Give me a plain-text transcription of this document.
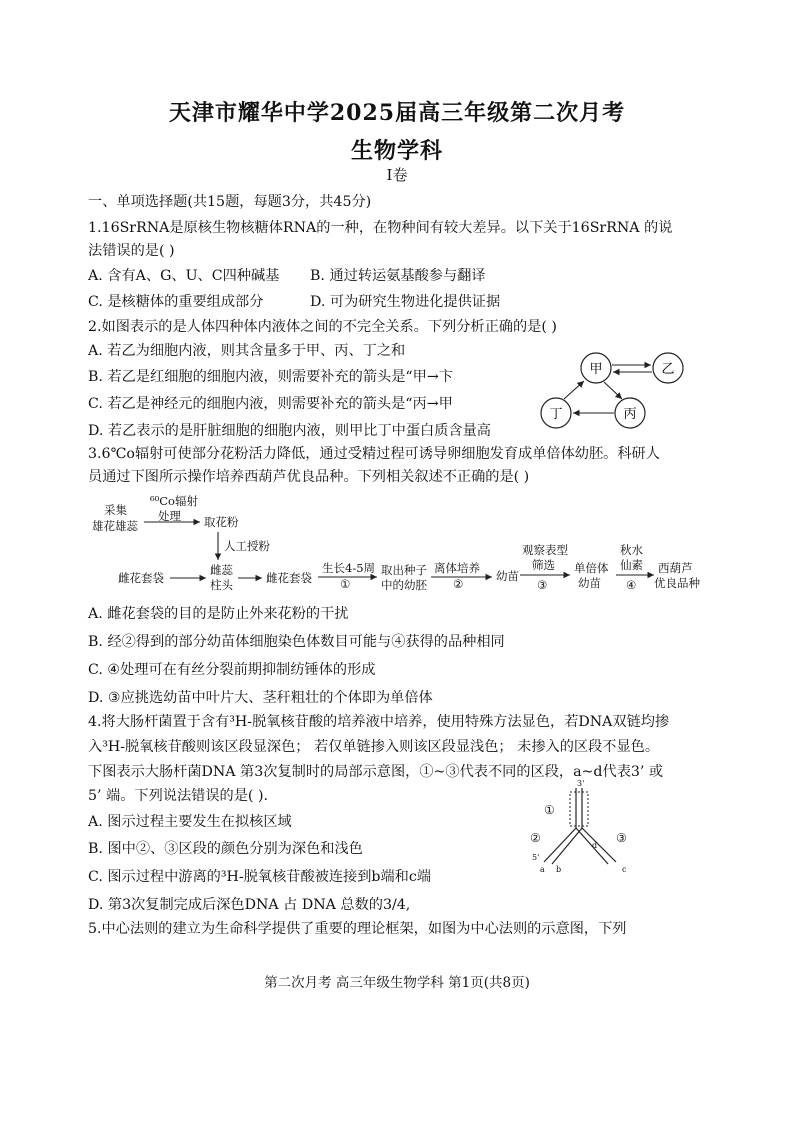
天津市耀华中学2025届高三年级第二次月考
生物学科
Ⅰ卷
一、单项选择题(共15题，每题3分，共45分)
1.16SrRNA是原核生物核糖体RNA的一种，在物种间有较大差异。以下关于16SrRNA 的说
法错误的是( )
A. 含有A、G、U、C四种碱基 B. 通过转运氨基酸参与翻译
C. 是核糖体的重要组成部分	D. 可为研究生物进化提供证据
2.如图表示的是人体四种体内液体之间的不完全关系。下列分析正确的是( )
A. 若乙为细胞内液，则其含量多于甲、丙、丁之和
B. 若乙是红细胞的细胞内液，则需要补充的箭头是“甲→卞
C. 若乙是神经元的细胞内液，则需要补充的箭头是“丙→甲
D. 若乙表示的是肝脏细胞的细胞内液，则甲比丁中蛋白质含量高
甲	乙
丁	丙
3.6℃o辐射可使部分花粉活力降低，通过受精过程可诱导卵细胞发育成单倍体幼胚。科研人
员通过下图所示操作培养西葫芦优良品种。下列相关叙述不正确的是( )
采集
雄花雄蕊
⁶⁰Co辐射
处理 取花粉
人工授粉
雌花套袋
雌蕊
柱头	雌花套袋
生长4-5周
①
取出种子
中的幼胚
离体培养
②
幼苗
观察表型
筛选
③
单倍体
幼苗
秋水
仙素
④
西葫芦
优良品种
A. 雌花套袋的目的是防止外来花粉的干扰
B. 经②得到的部分幼苗体细胞染色体数目可能与④获得的品种相同
C. ④处理可在有丝分裂前期抑制纺锤体的形成
D. ③应挑选幼苗中叶片大、茎秆粗壮的个体即为单倍体
4.将大肠杆菌置于含有³H-脱氧核苷酸的培养液中培养，使用特殊方法显色，若DNA双链均掺
入³H-脱氧核苷酸则该区段显深色； 若仅单链掺入则该区段显浅色； 未掺入的区段不显色。
下图表示大肠杆菌DNA 第3次复制时的局部示意图，①~③代表不同的区段，a~d代表3’ 或
5’ 端。下列说法错误的是( ).
A. 图示过程主要发生在拟核区域
B. 图中②、③区段的颜色分别为深色和浅色
C. 图示过程中游离的³H-脱氧核苷酸被连接到b端和c端
D. 第3次复制完成后深色DNA 占 DNA 总数的3/4,
①
②	③
3'
5'
a b	c
d
5.中心法则的建立为生命科学提供了重要的理论框架，如图为中心法则的示意图，下列
第二次月考 高三年级生物学科 第1页(共8页)
